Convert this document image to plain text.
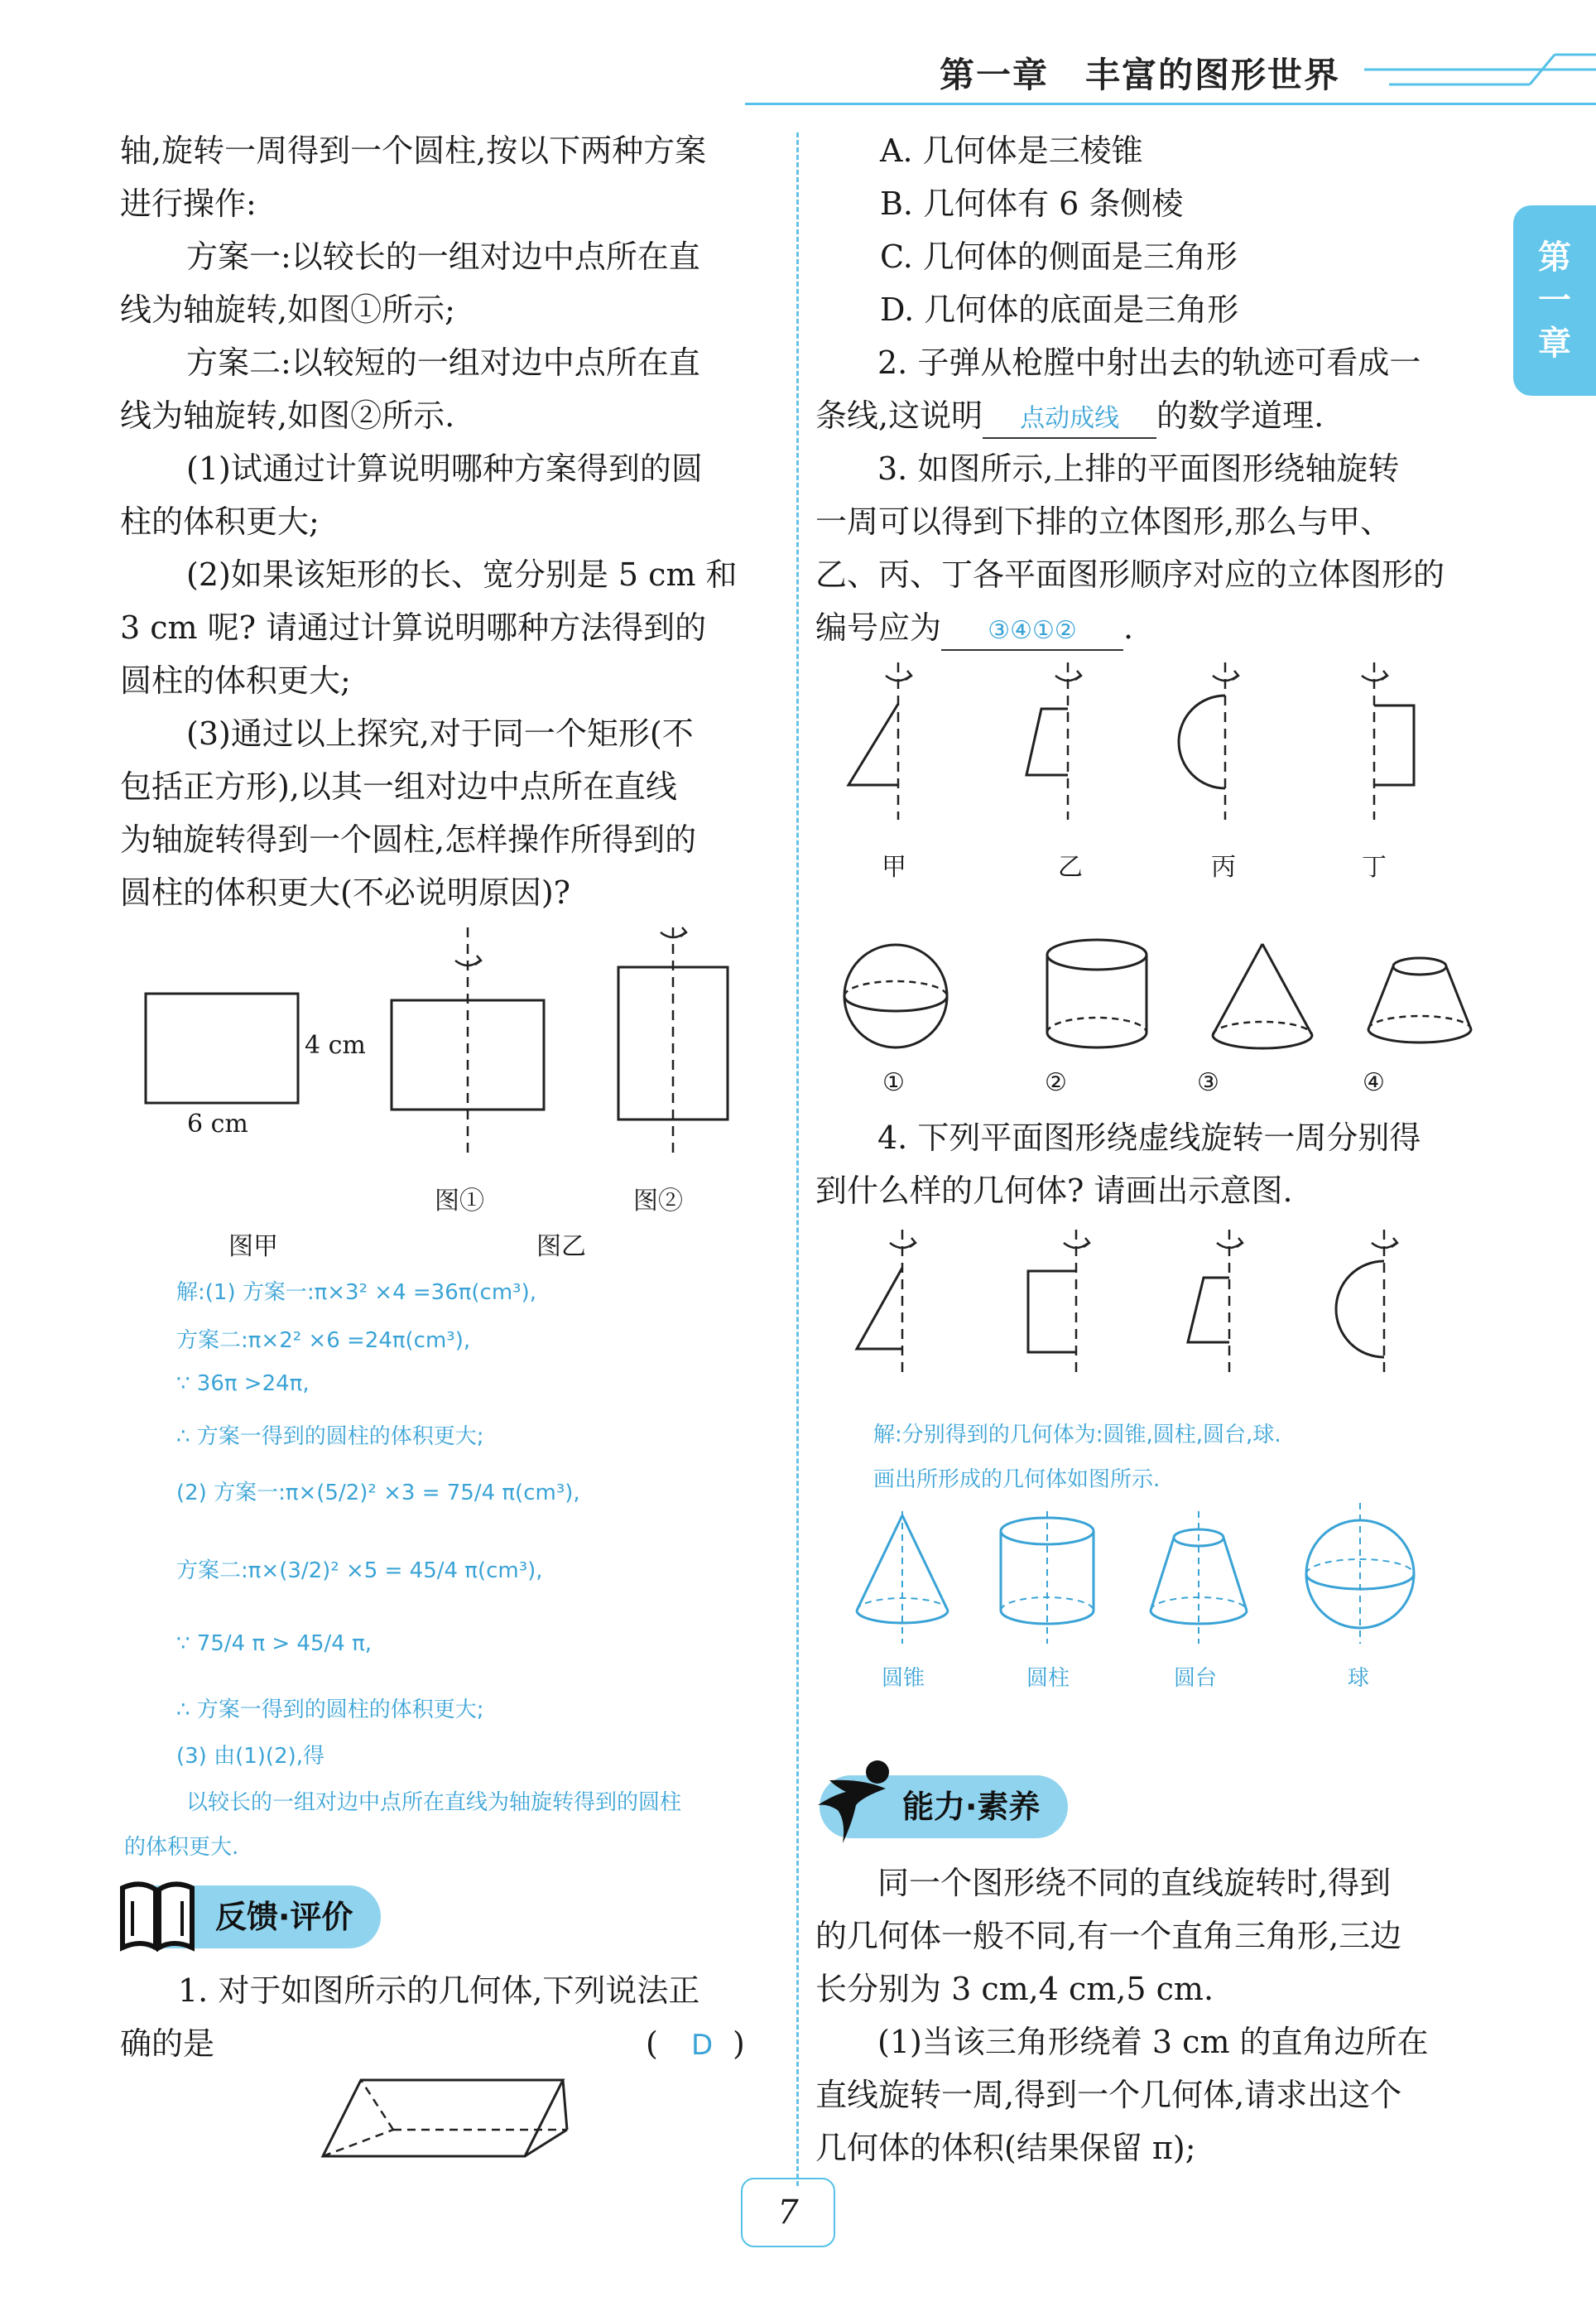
第一章　丰富的图形世界
第
一
章
轴,旋转一周得到一个圆柱,按以下两种方案
进行操作:
方案一:以较长的一组对边中点所在直
线为轴旋转,如图①所示;
方案二:以较短的一组对边中点所在直
线为轴旋转,如图②所示.
(1)试通过计算说明哪种方案得到的圆
柱的体积更大;
(2)如果该矩形的长、宽分别是 5 cm 和
3 cm 呢? 请通过计算说明哪种方法得到的
圆柱的体积更大;
(3)通过以上探究,对于同一个矩形(不
包括正方形),以其一组对边中点所在直线
为轴旋转得到一个圆柱,怎样操作所得到的
圆柱的体积更大(不必说明原因)?
4 cm
6 cm
图①	图②
图甲	图乙
解:(1) 方案一:π×3² ×4 =36π(cm³),
方案二:π×2² ×6 =24π(cm³),
∵ 36π >24π,
∴ 方案一得到的圆柱的体积更大;
(2) 方案一:π×(5/2)² ×3 = 75/4 π(cm³),
方案二:π×(3/2)² ×5 = 45/4 π(cm³),
∵ 75/4 π > 45/4 π,
∴ 方案一得到的圆柱的体积更大;
(3) 由(1)(2),得
以较长的一组对边中点所在直线为轴旋转得到的圆柱
的体积更大.
反馈·评价
1. 对于如图所示的几何体,下列说法正
确的是	( D )
A. 几何体是三棱锥
B. 几何体有 6 条侧棱
C. 几何体的侧面是三角形
D. 几何体的底面是三角形
2. 子弹从枪膛中射出去的轨迹可看成一
条线,这说明 点动成线 的数学道理.
3. 如图所示,上排的平面图形绕轴旋转
一周可以得到下排的立体图形,那么与甲、
乙、丙、丁各平面图形顺序对应的立体图形的
编号应为 ③④①② .
甲	乙	丙	丁
①	②	③	④
4. 下列平面图形绕虚线旋转一周分别得
到什么样的几何体? 请画出示意图.
解:分别得到的几何体为:圆锥,圆柱,圆台,球.
画出所形成的几何体如图所示.
圆锥	圆柱	圆台	球
能力·素养
同一个图形绕不同的直线旋转时,得到
的几何体一般不同,有一个直角三角形,三边
长分别为 3 cm,4 cm,5 cm.
(1)当该三角形绕着 3 cm 的直角边所在
直线旋转一周,得到一个几何体,请求出这个
几何体的体积(结果保留 π);
7
